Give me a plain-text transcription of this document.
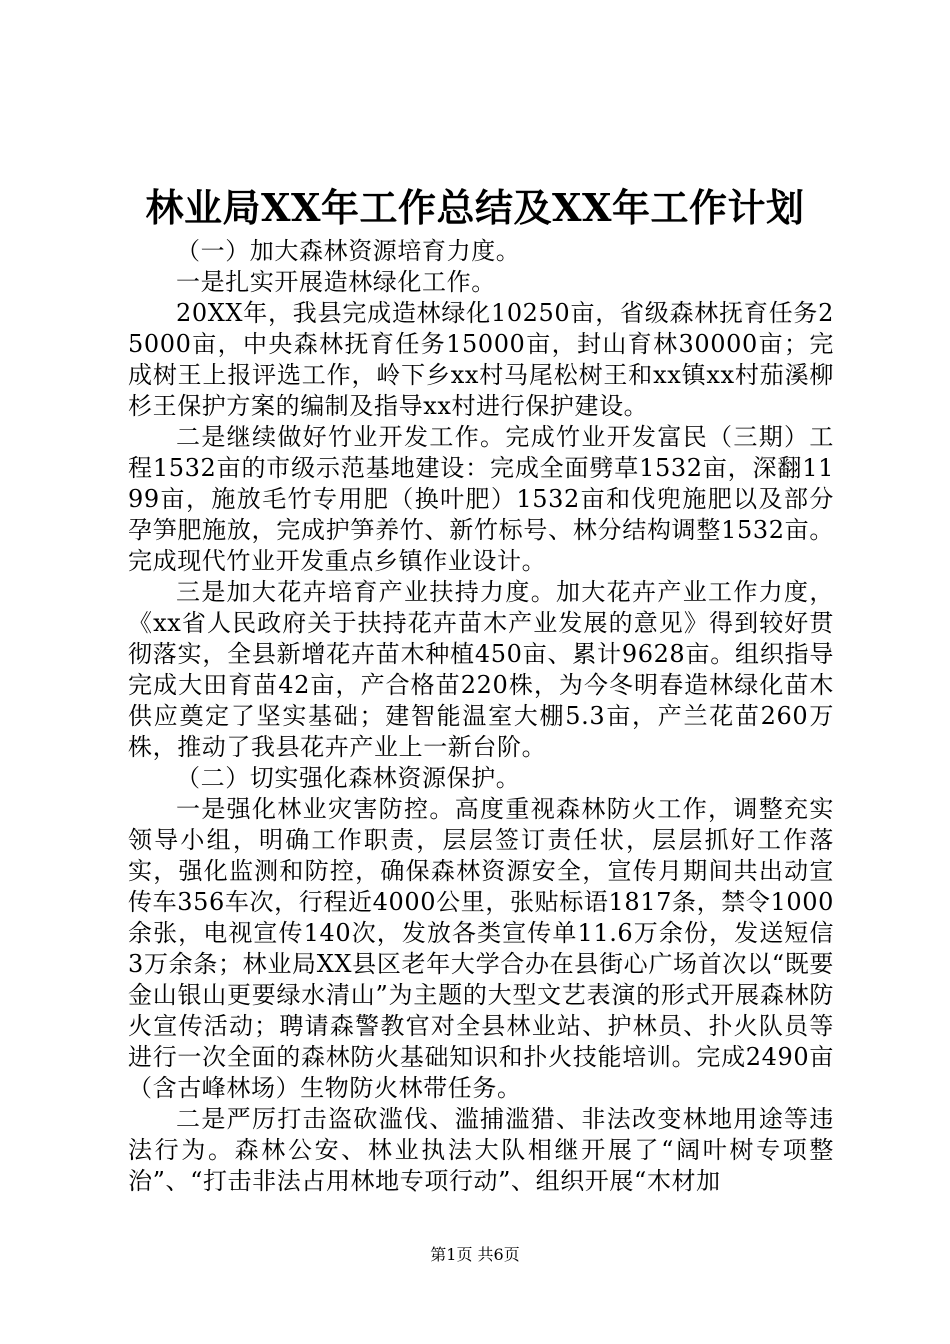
林业局XX年工作总结及XX年工作计划

（一）加大森林资源培育力度。

一是扎实开展造林绿化工作。

20XX年，我县完成造林绿化10250亩，省级森林抚育任务25000亩，中央森林抚育任务15000亩，封山育林30000亩；完成树王上报评选工作，岭下乡xx村马尾松树王和xx镇xx村茄溪柳杉王保护方案的编制及指导xx村进行保护建设。

二是继续做好竹业开发工作。完成竹业开发富民（三期）工程1532亩的市级示范基地建设：完成全面劈草1532亩，深翻1199亩，施放毛竹专用肥（换叶肥）1532亩和伐兜施肥以及部分孕笋肥施放，完成护笋养竹、新竹标号、林分结构调整1532亩。完成现代竹业开发重点乡镇作业设计。

三是加大花卉培育产业扶持力度。加大花卉产业工作力度，《xx省人民政府关于扶持花卉苗木产业发展的意见》得到较好贯彻落实，全县新增花卉苗木种植450亩、累计9628亩。组织指导完成大田育苗42亩，产合格苗220株，为今冬明春造林绿化苗木供应奠定了坚实基础；建智能温室大棚5.3亩，产兰花苗260万株，推动了我县花卉产业上一新台阶。

（二）切实强化森林资源保护。

一是强化林业灾害防控。高度重视森林防火工作，调整充实领导小组，明确工作职责，层层签订责任状，层层抓好工作落实，强化监测和防控，确保森林资源安全，宣传月期间共出动宣传车356车次，行程近4000公里，张贴标语1817条，禁令1000余张，电视宣传140次，发放各类宣传单11.6万余份，发送短信3万余条；林业局XX县区老年大学合办在县街心广场首次以“既要金山银山更要绿水清山”为主题的大型文艺表演的形式开展森林防火宣传活动；聘请森警教官对全县林业站、护林员、扑火队员等进行一次全面的森林防火基础知识和扑火技能培训。完成2490亩（含古峰林场）生物防火林带任务。

二是严厉打击盗砍滥伐、滥捕滥猎、非法改变林地用途等违法行为。森林公安、林业执法大队相继开展了“阔叶树专项整治”、“打击非法占用林地专项行动”、组织开展“木材加

第1页 共6页
